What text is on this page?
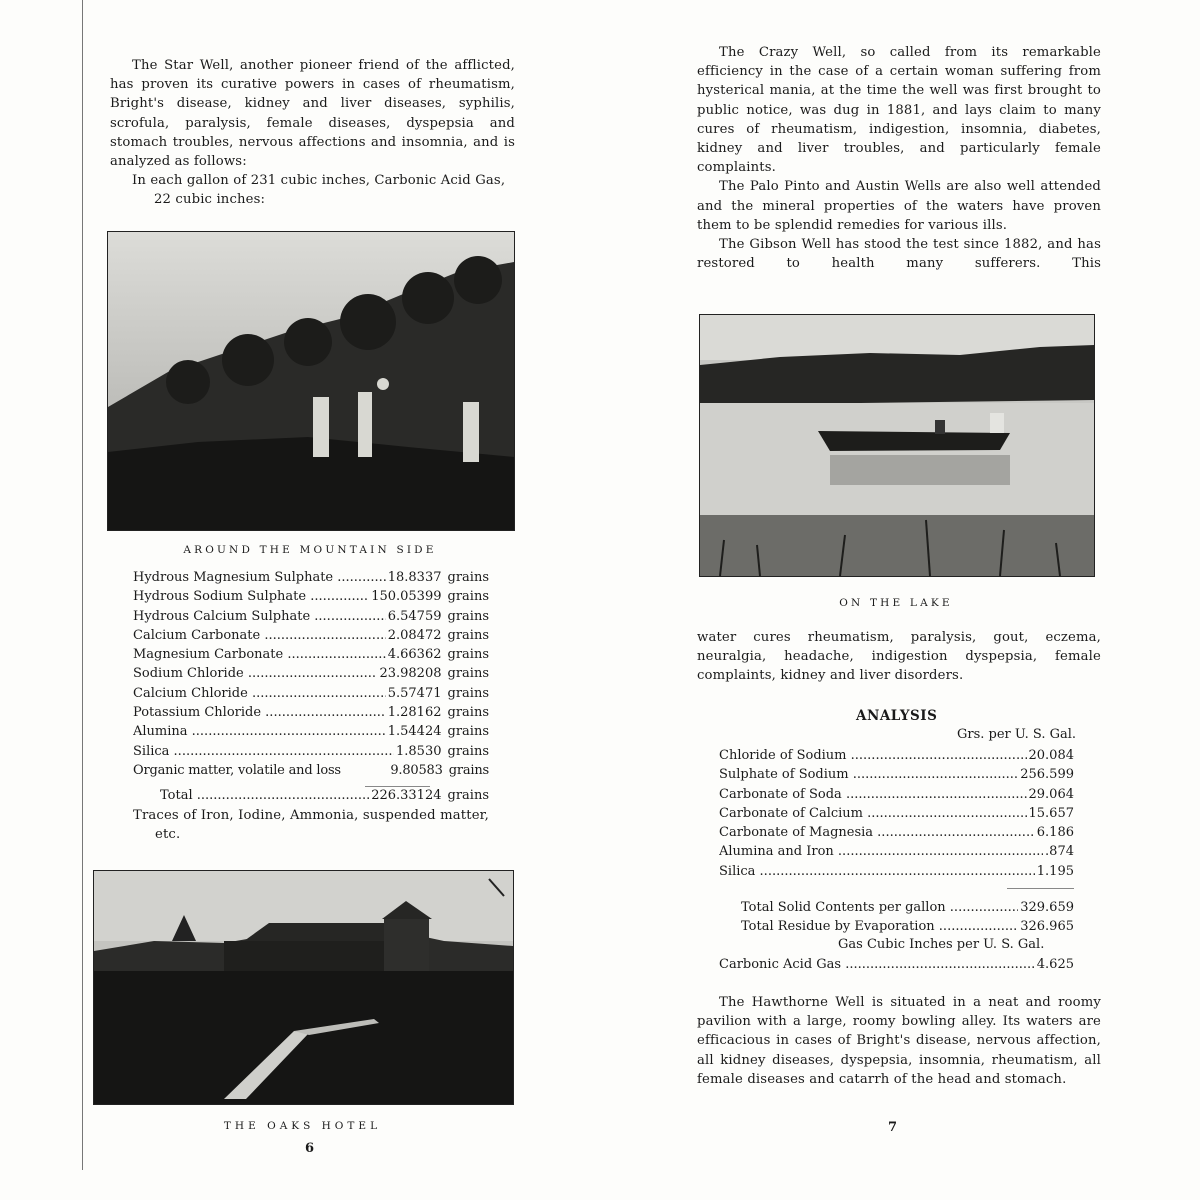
The Star Well, another pioneer friend of the afflicted, has proven its curative powers in cases of rheumatism, Bright's disease, kidney and liver diseases, syphilis, scrofula, paralysis, female diseases, dyspepsia and stomach troubles, nervous affections and insomnia, and is analyzed as follows:

In each gallon of 231 cubic inches, Carbonic Acid Gas, 22 cubic inches:

AROUND THE MOUNTAIN SIDE
Hydrous Magnesium Sulphate .....	18.8337 grains
Hydrous Sodium Sulphate .....	150.05399 grains
Hydrous Calcium Sulphate .....	6.54759 grains
Calcium Carbonate .....	2.08472 grains
Magnesium Carbonate .....	4.66362 grains
Sodium Chloride .....	23.98208 grains
Calcium Chloride .....	5.57471 grains
Potassium Chloride .....	1.28162 grains
Alumina .....	1.54424 grains
Silica .....	1.8530 grains
Organic matter, volatile and loss	9.80583 grains
Total .....	226.33124 grains

Traces of Iron, Iodine, Ammonia, suspended matter, etc.

THE OAKS HOTEL
6

The Crazy Well, so called from its remarkable efficiency in the case of a certain woman suffering from hysterical mania, at the time the well was first brought to public notice, was dug in 1881, and lays claim to many cures of rheumatism, indigestion, insomnia, diabetes, kidney and liver troubles, and particularly female complaints.

The Palo Pinto and Austin Wells are also well attended and the mineral properties of the waters have proven them to be splendid remedies for various ills.

The Gibson Well has stood the test since 1882, and has restored to health many sufferers. This

ON THE LAKE

water cures rheumatism, paralysis, gout, eczema, neuralgia, headache, indigestion dyspepsia, female complaints, kidney and liver disorders.

ANALYSIS
Grs. per U. S. Gal.
Chloride of Sodium .....	20.084
Sulphate of Sodium .....	256.599
Carbonate of Soda .....	29.064
Carbonate of Calcium .....	15.657
Carbonate of Magnesia .....	6.186
Alumina and Iron .....	.874
Silica .....	1.195
Total Solid Contents per gallon .....	329.659
Total Residue by Evaporation .....	326.965
Gas Cubic Inches per U. S. Gal.
Carbonic Acid Gas .....	4.625

The Hawthorne Well is situated in a neat and roomy pavilion with a large, roomy bowling alley. Its waters are efficacious in cases of Bright's disease, nervous affection, all kidney diseases, dyspepsia, insomnia, rheumatism, all female diseases and catarrh of the head and stomach.

7
